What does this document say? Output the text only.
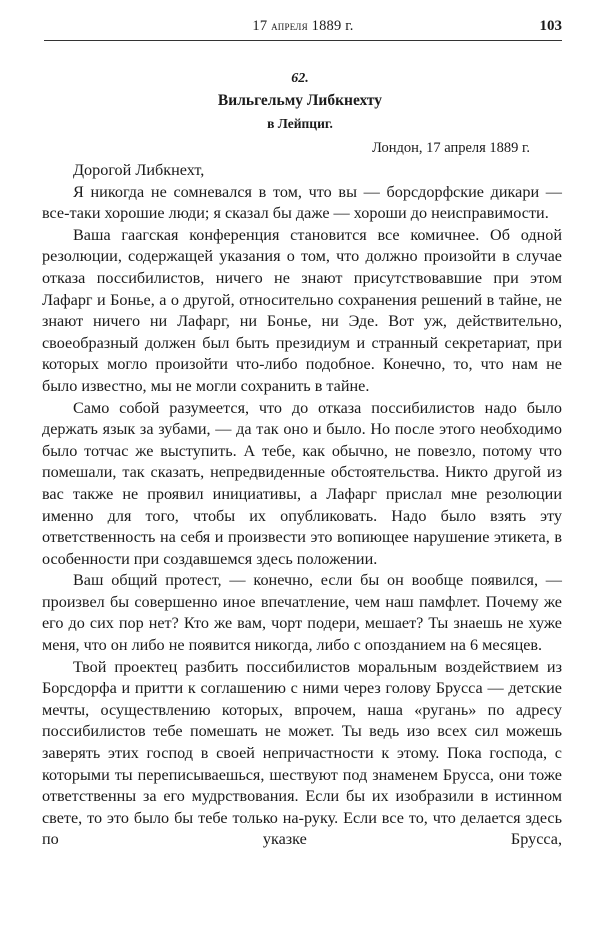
17 апреля 1889 г.	103
62.
Вильгельму Либкнехту
в Лейпциг.
Лондон, 17 апреля 1889 г.

Дорогой Либкнехт,

Я никогда не сомневался в том, что вы — борсдорфские дикари — все-таки хорошие люди; я сказал бы даже — хороши до неисправимости.

Ваша гаагская конференция становится все комичнее. Об одной резолюции, содержащей указания о том, что должно произойти в случае отказа поссибилистов, ничего не знают присутствовавшие при этом Лафарг и Бонье, а о другой, относительно сохранения решений в тайне, не знают ничего ни Лафарг, ни Бонье, ни Эде. Вот уж, действительно, своеобразный должен был быть президиум и странный секретариат, при которых могло произойти что-либо подобное. Конечно, то, что нам не было известно, мы не могли сохранить в тайне.

Само собой разумеется, что до отказа поссибилистов надо было держать язык за зубами, — да так оно и было. Но после этого необходимо было тотчас же выступить. А тебе, как обычно, не повезло, потому что помешали, так сказать, непредвиденные обстоятельства. Никто другой из вас также не проявил инициативы, а Лафарг прислал мне резолюции именно для того, чтобы их опубликовать. Надо было взять эту ответственность на себя и произвести это вопиющее нарушение этикета, в особенности при создавшемся здесь положении.

Ваш общий протест, — конечно, если бы он вообще появился, — произвел бы совершенно иное впечатление, чем наш памфлет. Почему же его до сих пор нет? Кто же вам, чорт подери, мешает? Ты знаешь не хуже меня, что он либо не появится никогда, либо с опозданием на 6 месяцев.

Твой проектец разбить поссибилистов моральным воздействием из Борсдорфа и притти к соглашению с ними через голову Брусса — детские мечты, осуществлению которых, впрочем, наша «ругань» по адресу поссибилистов тебе помешать не может. Ты ведь изо всех сил можешь заверять этих господ в своей непричастности к этому. Пока господа, с которыми ты переписываешься, шествуют под знаменем Брусса, они тоже ответственны за его мудрствования. Если бы их изобразили в истинном свете, то это было бы тебе только на-руку. Если все то, что делается здесь по указке Брусса,
